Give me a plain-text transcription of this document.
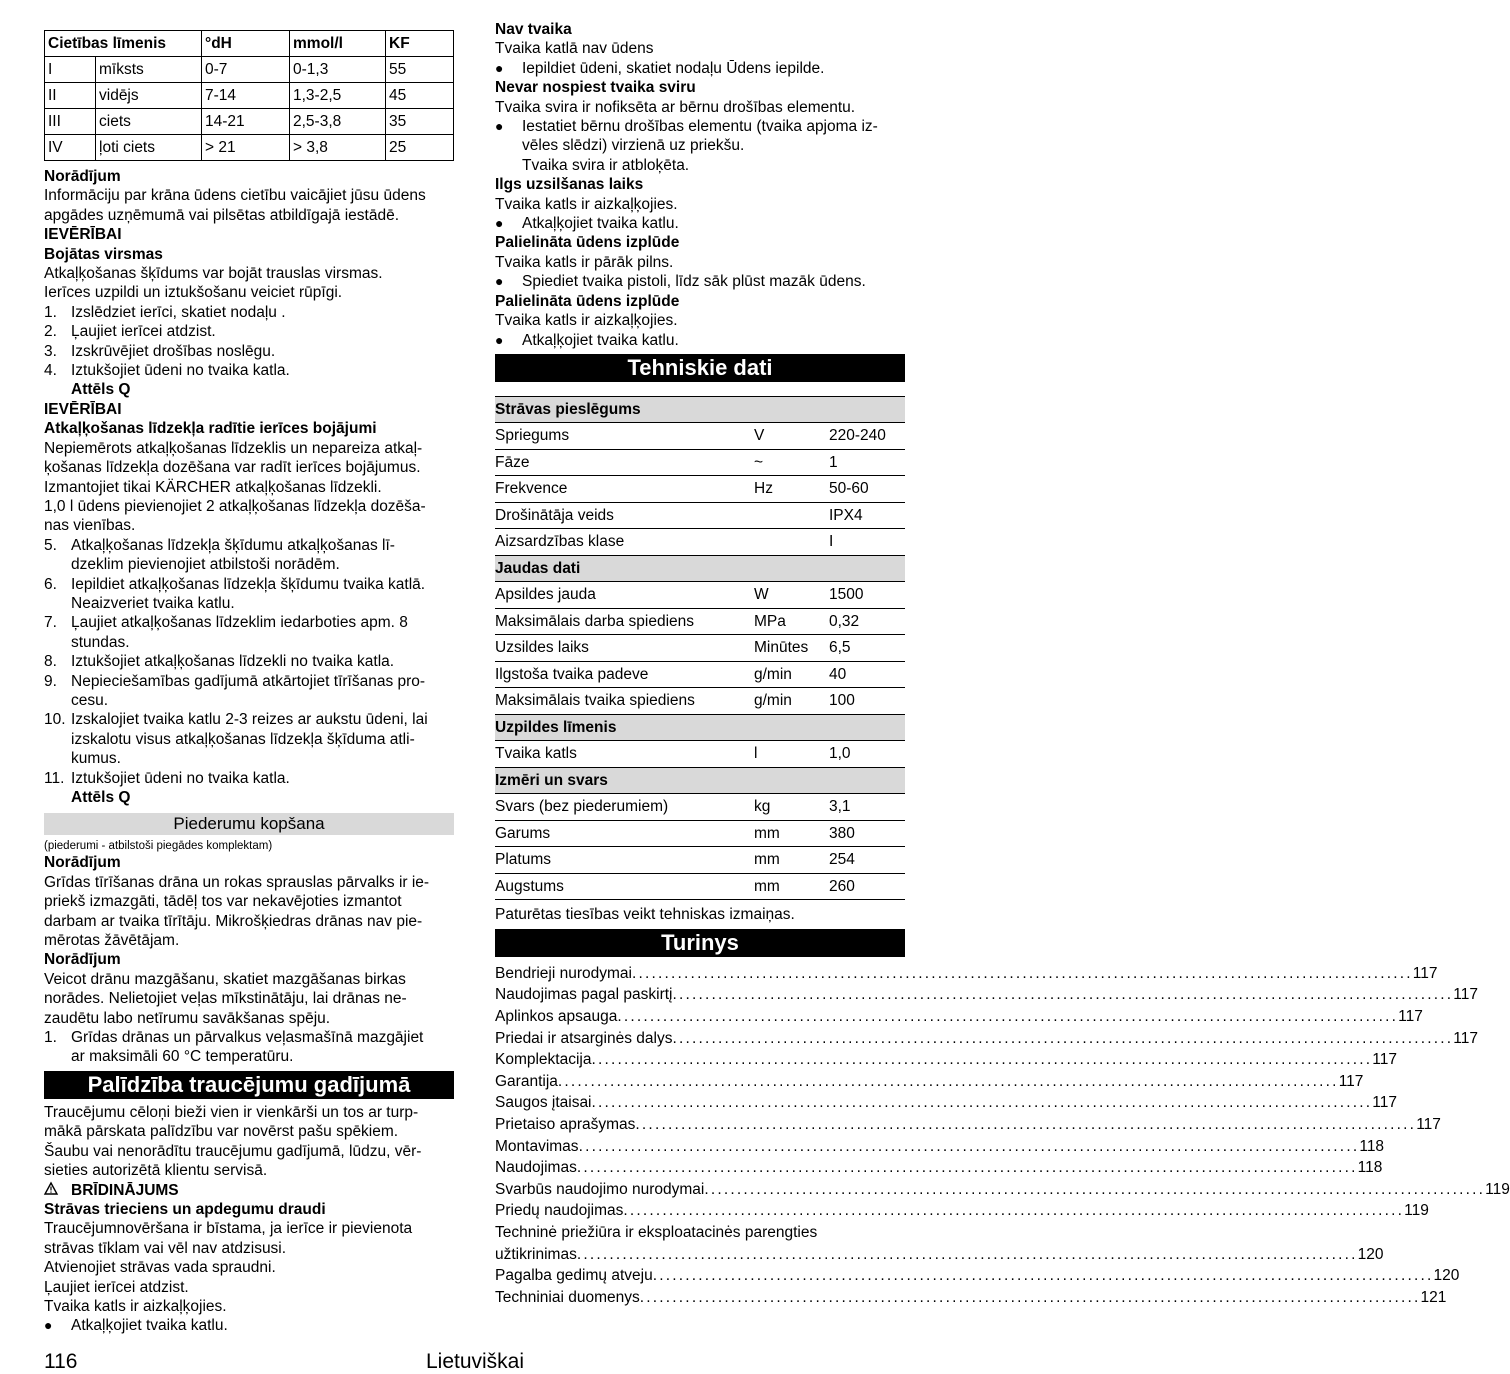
Cietības līmenis		°dH	mmol/l	KF
I	mīksts	0-7	0-1,3	55
II	vidējs	7-14	1,3-2,5	45
III	ciets	14-21	2,5-3,8	35
IV	ļoti ciets	> 21	> 3,8	25
Norādījum
Informāciju par krāna ūdens cietību vaicājiet jūsu ūdens
apgādes uzņēmumā vai pilsētas atbildīgajā iestādē.
IEVĒRĪBAI
Bojātas virsmas
Atkaļķošanas šķīdums var bojāt trauslas virsmas.
Ierīces uzpildi un iztukšošanu veiciet rūpīgi.
1. Izslēdziet ierīci, skatiet nodaļu .
2. Ļaujiet ierīcei atdzist.
3. Izskrūvējiet drošības noslēgu.
4. Iztukšojiet ūdeni no tvaika katla.
Attēls Q
IEVĒRĪBAI
Atkaļķošanas līdzekļa radītie ierīces bojājumi
Nepiemērots atkaļķošanas līdzeklis un nepareiza atkaļ-
ķošanas līdzekļa dozēšana var radīt ierīces bojājumus.
Izmantojiet tikai KÄRCHER atkaļķošanas līdzekli.
1,0 l ūdens pievienojiet 2 atkaļķošanas līdzekļa dozēša-
nas vienības.
5. Atkaļķošanas līdzekļa šķīdumu atkaļķošanas lī-
dzeklim pievienojiet atbilstoši norādēm.
6. Iepildiet atkaļķošanas līdzekļa šķīdumu tvaika katlā.
Neaizveriet tvaika katlu.
7. Ļaujiet atkaļķošanas līdzeklim iedarboties apm. 8
stundas.
8. Iztukšojiet atkaļķošanas līdzekli no tvaika katla.
9. Nepieciešamības gadījumā atkārtojiet tīrīšanas pro-
cesu.
10. Izskalojiet tvaika katlu 2-3 reizes ar aukstu ūdeni, lai
izskalotu visus atkaļķošanas līdzekļa šķīduma atli-
kumus.
11. Iztukšojiet ūdeni no tvaika katla.
Attēls Q
Piederumu kopšana
(piederumi - atbilstoši piegādes komplektam)
Norādījum
Grīdas tīrīšanas drāna un rokas sprauslas pārvalks ir ie-
priekš izmazgāti, tādēļ tos var nekavējoties izmantot
darbam ar tvaika tīrītāju. Mikrošķiedras drānas nav pie-
mērotas žāvētājam.
Norādījum
Veicot drānu mazgāšanu, skatiet mazgāšanas birkas
norādes. Nelietojiet veļas mīkstinātāju, lai drānas ne-
zaudētu labo netīrumu savākšanas spēju.
1. Grīdas drānas un pārvalkus veļasmašīnā mazgājiet
ar maksimāli 60 °C temperatūru.
Palīdzība traucējumu gadījumā
Traucējumu cēloņi bieži vien ir vienkārši un tos ar turp-
mākā pārskata palīdzību var novērst pašu spēkiem.
Šaubu vai nenorādītu traucējumu gadījumā, lūdzu, vēr-
sieties autorizētā klientu servisā.
BRĪDINĀJUMS
Strāvas trieciens un apdegumu draudi
Traucējumnovēršana ir bīstama, ja ierīce ir pievienota
strāvas tīklam vai vēl nav atdzisusi.
Atvienojiet strāvas vada spraudni.
Ļaujiet ierīcei atdzist.
Tvaika katls ir aizkaļķojies.
●	Atkaļķojiet tvaika katlu.
Nav tvaika
Tvaika katlā nav ūdens
●	Iepildiet ūdeni, skatiet nodaļu Ūdens iepilde.
Nevar nospiest tvaika sviru
Tvaika svira ir nofiksēta ar bērnu drošības elementu.
●	Iestatiet bērnu drošības elementu (tvaika apjoma iz-
vēles slēdzi) virzienā uz priekšu.
Tvaika svira ir atbloķēta.
Ilgs uzsilšanas laiks
Tvaika katls ir aizkaļķojies.
●	Atkaļķojiet tvaika katlu.
Palielināta ūdens izplūde
Tvaika katls ir pārāk pilns.
●	Spiediet tvaika pistoli, līdz sāk plūst mazāk ūdens.
Palielināta ūdens izplūde
Tvaika katls ir aizkaļķojies.
●	Atkaļķojiet tvaika katlu.
Tehniskie dati
Strāvas pieslēgums		
Spriegums	V	220-240
Fāze	~	1
Frekvence	Hz	50-60
Drošinātāja veids		IPX4
Aizsardzības klase		I
Jaudas dati		
Apsildes jauda	W	1500
Maksimālais darba spiediens	MPa	0,32
Uzsildes laiks	Minūtes	6,5
Ilgstoša tvaika padeve	g/min	40
Maksimālais tvaika spiediens	g/min	100
Uzpildes līmenis		
Tvaika katls	l	1,0
Izmēri un svars		
Svars (bez piederumiem)	kg	3,1
Garums	mm	380
Platums	mm	254
Augstums	mm	260
Paturētas tiesības veikt tehniskas izmaiņas.
Turinys
Bendrieji nurodymai ........................................................................................................................ 117
Naudojimas pagal paskirtį ........................................................................................................................ 117
Aplinkos apsauga ........................................................................................................................ 117
Priedai ir atsarginės dalys ........................................................................................................................ 117
Komplektacija ........................................................................................................................ 117
Garantija ........................................................................................................................ 117
Saugos įtaisai ........................................................................................................................ 117
Prietaiso aprašymas ........................................................................................................................ 117
Montavimas ........................................................................................................................ 118
Naudojimas ........................................................................................................................ 118
Svarbūs naudojimo nurodymai ........................................................................................................................ 119
Priedų naudojimas ........................................................................................................................ 119
Techninė priežiūra ir eksploatacinės parengties
užtikrinimas ........................................................................................................................ 120
Pagalba gedimų atveju ........................................................................................................................ 120
Techniniai duomenys ........................................................................................................................ 121
116	Lietuviškai
